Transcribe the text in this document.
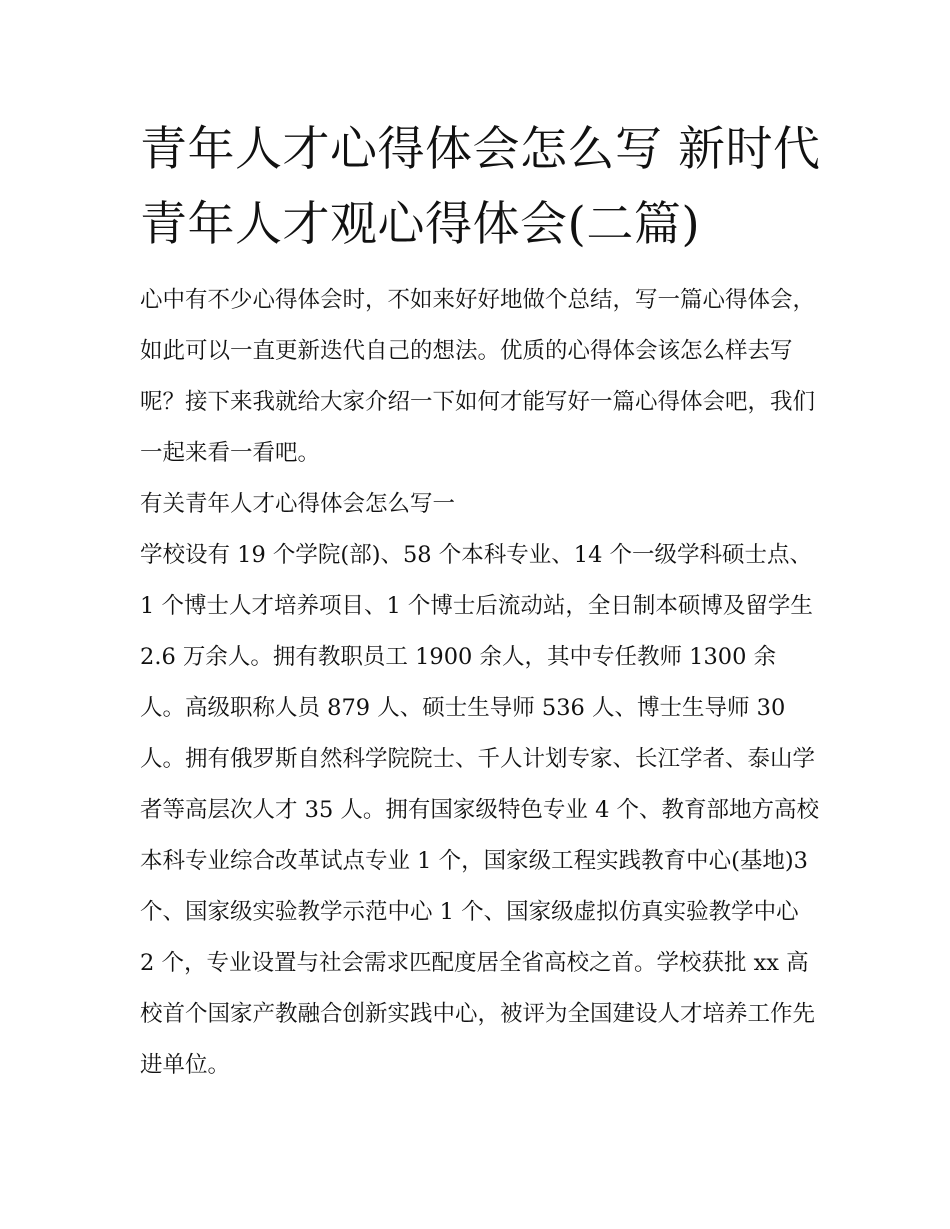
青年人才心得体会怎么写 新时代青年人才观心得体会(二篇)

心中有不少心得体会时，不如来好好地做个总结，写一篇心得体会，如此可以一直更新迭代自己的想法。优质的心得体会该怎么样去写呢？接下来我就给大家介绍一下如何才能写好一篇心得体会吧，我们一起来看一看吧。

有关青年人才心得体会怎么写一

学校设有 19 个学院(部)、58 个本科专业、14 个一级学科硕士点、1 个博士人才培养项目、1 个博士后流动站，全日制本硕博及留学生 2.6 万余人。拥有教职员工 1900 余人，其中专任教师 1300 余人。高级职称人员 879 人、硕士生导师 536 人、博士生导师 30 人。拥有俄罗斯自然科学院院士、千人计划专家、长江学者、泰山学者等高层次人才 35 人。拥有国家级特色专业 4 个、教育部地方高校本科专业综合改革试点专业 1 个，国家级工程实践教育中心(基地)3 个、国家级实验教学示范中心 1 个、国家级虚拟仿真实验教学中心 2 个，专业设置与社会需求匹配度居全省高校之首。学校获批 xx 高校首个国家产教融合创新实践中心，被评为全国建设人才培养工作先进单位。
